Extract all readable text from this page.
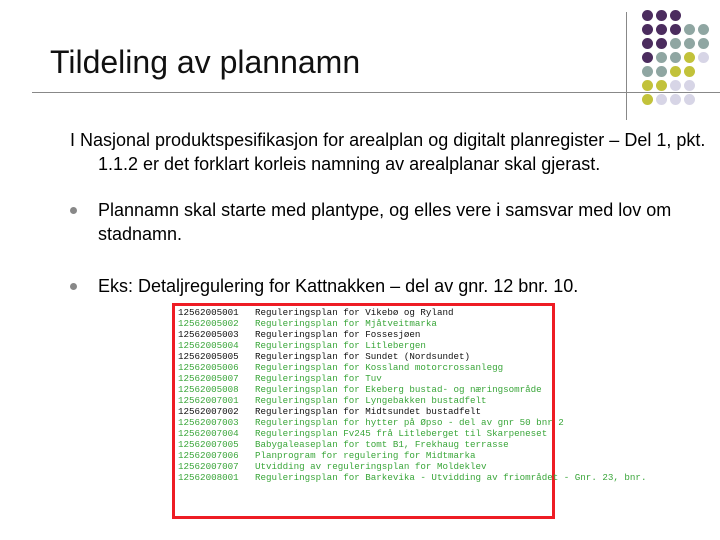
Tildeling av plannamn
I Nasjonal produktspesifikasjon for arealplan og digitalt planregister – Del 1, pkt. 1.1.2 er det forklart korleis namning av arealplanar skal gjerast.
Plannamn skal starte med plantype, og elles vere i samsvar med lov om stadnamn.
Eks: Detaljregulering for Kattnakken – del av gnr. 12 bnr. 10.
12562005001 Reguleringsplan for Vikebø og Ryland
12562005002 Reguleringsplan for Mjåtveitmarka
12562005003 Reguleringsplan for Fossesjøen
12562005004 Reguleringsplan for Litlebergen
12562005005 Reguleringsplan for Sundet (Nordsundet)
12562005006 Reguleringsplan for Kossland motorcrossanlegg
12562005007 Reguleringsplan for Tuv
12562005008 Reguleringsplan for Ekeberg bustad- og næringsområde
12562007001 Reguleringsplan for Lyngebakken bustadfelt
12562007002 Reguleringsplan for Midtsundet bustadfelt
12562007003 Reguleringsplan for hytter på Øpso - del av gnr 50 bnr 2
12562007004 Reguleringsplan Fv245 frå Litleberget til Skarpeneset
12562007005 Babygaleaseplan for tomt B1, Frekhaug terrasse
12562007006 Planprogram for regulering for Midtmarka
12562007007 Utvidding av reguleringsplan for Moldeklev
12562008001 Reguleringsplan for Barkevika - Utvidding av friområdet - Gnr. 23, bnr.
